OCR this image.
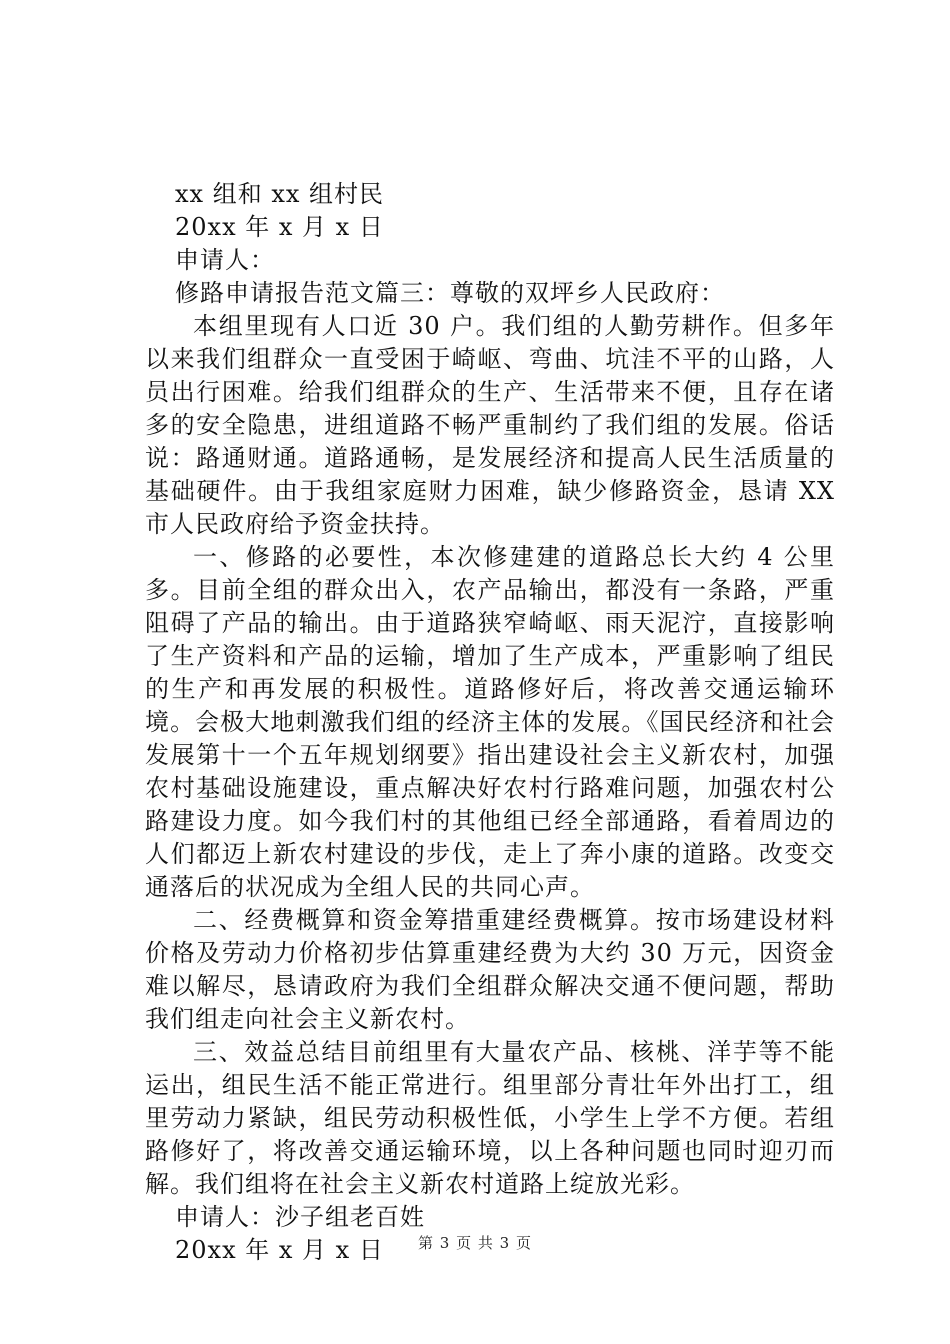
xx 组和 xx 组村民
20xx 年 x 月 x 日
申请人：
修路申请报告范文篇三：尊敬的双坪乡人民政府：

本组里现有人口近 30 户。我们组的人勤劳耕作。但多年以来我们组群众一直受困于崎岖、弯曲、坑洼不平的山路，人员出行困难。给我们组群众的生产、生活带来不便，且存在诸多的安全隐患，进组道路不畅严重制约了我们组的发展。俗话说：路通财通。道路通畅，是发展经济和提高人民生活质量的基础硬件。由于我组家庭财力困难，缺少修路资金，恳请 XX 市人民政府给予资金扶持。

一、修路的必要性，本次修建建的道路总长大约 4 公里多。目前全组的群众出入，农产品输出，都没有一条路，严重阻碍了产品的输出。由于道路狭窄崎岖、雨天泥泞，直接影响了生产资料和产品的运输，增加了生产成本，严重影响了组民的生产和再发展的积极性。道路修好后，将改善交通运输环境。会极大地刺激我们组的经济主体的发展。《国民经济和社会发展第十一个五年规划纲要》指出建设社会主义新农村，加强农村基础设施建设，重点解决好农村行路难问题，加强农村公路建设力度。如今我们村的其他组已经全部通路，看着周边的人们都迈上新农村建设的步伐，走上了奔小康的道路。改变交通落后的状况成为全组人民的共同心声。

二、经费概算和资金筹措重建经费概算。按市场建设材料价格及劳动力价格初步估算重建经费为大约 30 万元，因资金难以解尽，恳请政府为我们全组群众解决交通不便问题，帮助我们组走向社会主义新农村。

三、效益总结目前组里有大量农产品、核桃、洋芋等不能运出，组民生活不能正常进行。组里部分青壮年外出打工，组里劳动力紧缺，组民劳动积极性低，小学生上学不方便。若组路修好了，将改善交通运输环境，以上各种问题也同时迎刃而解。我们组将在社会主义新农村道路上绽放光彩。

申请人：沙子组老百姓
20xx 年 x 月 x 日	第 3 页 共 3 页
